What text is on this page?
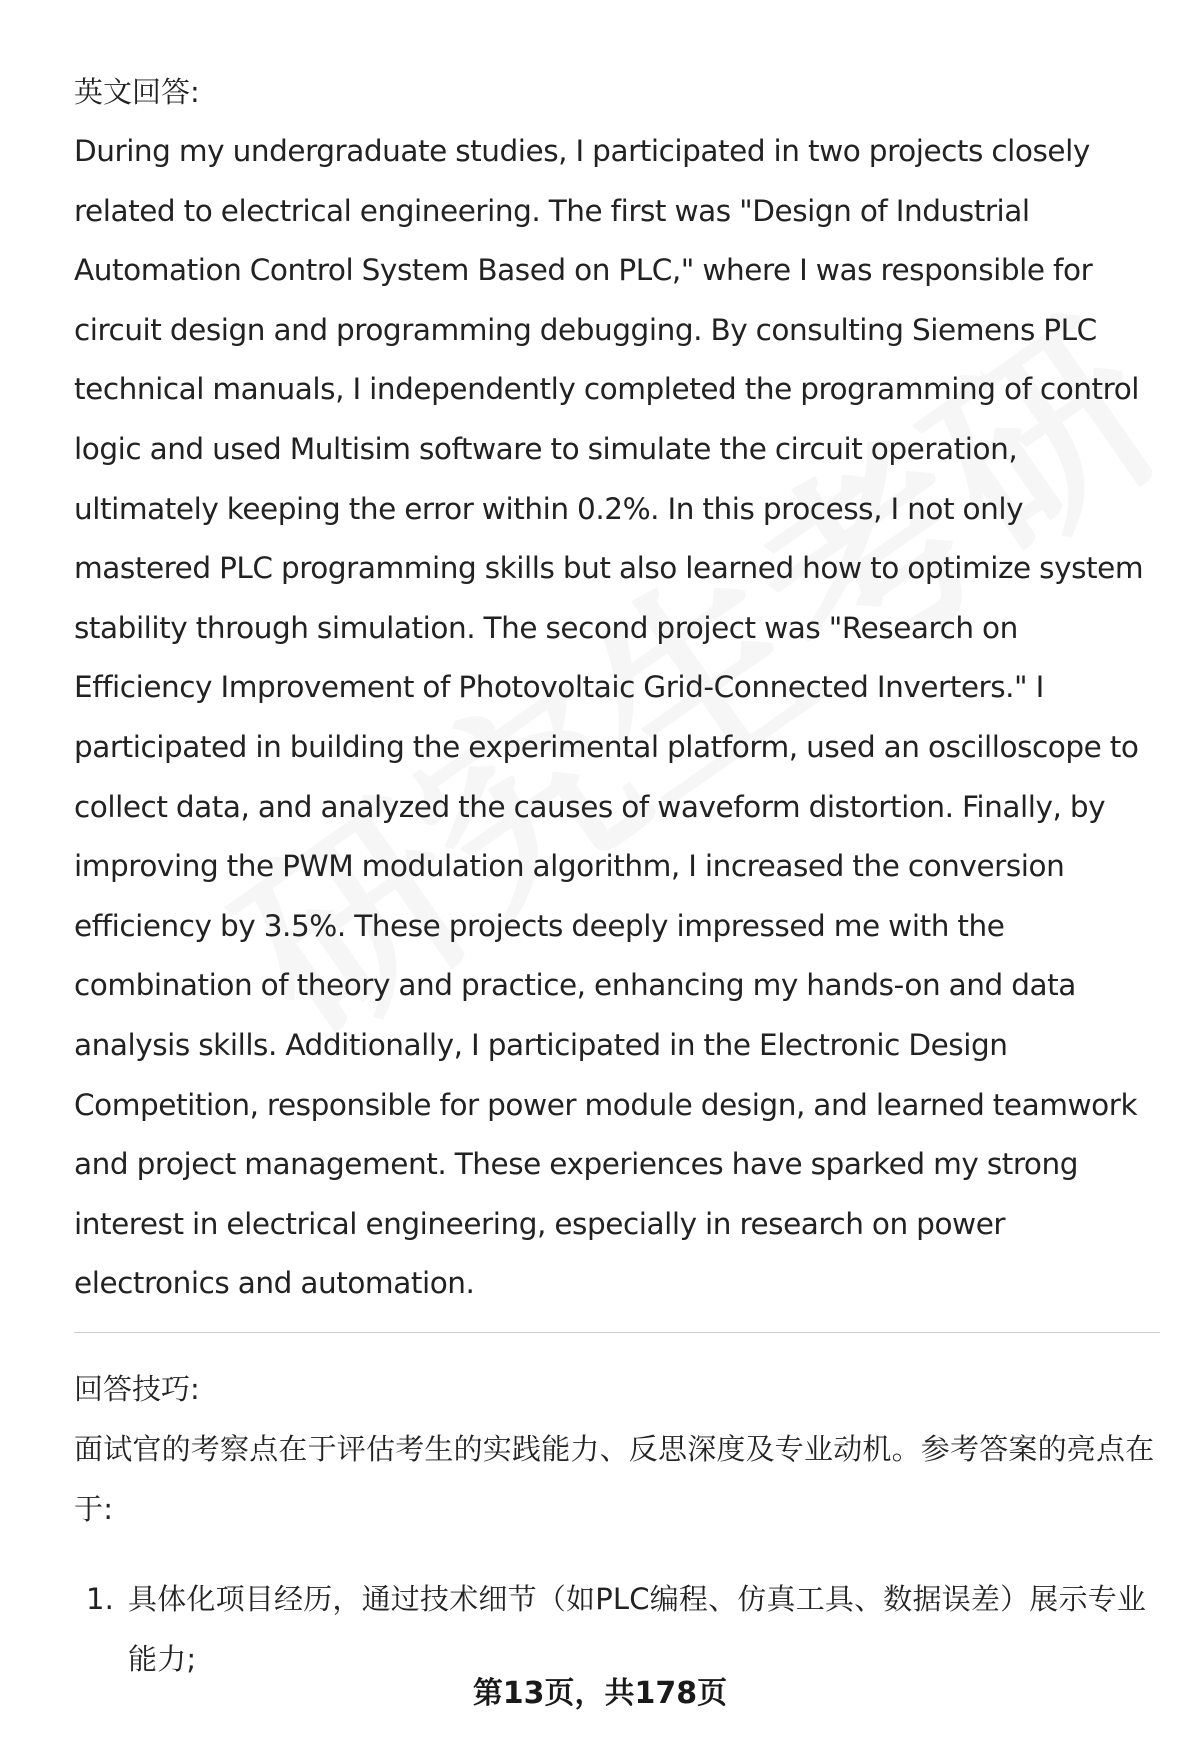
英文回答:

During my undergraduate studies, I participated in two projects closely related to electrical engineering. The first was "Design of Industrial Automation Control System Based on PLC," where I was responsible for circuit design and programming debugging. By consulting Siemens PLC technical manuals, I independently completed the programming of control logic and used Multisim software to simulate the circuit operation, ultimately keeping the error within 0.2%. In this process, I not only mastered PLC programming skills but also learned how to optimize system stability through simulation. The second project was "Research on Efficiency Improvement of Photovoltaic Grid-Connected Inverters." I participated in building the experimental platform, used an oscilloscope to collect data, and analyzed the causes of waveform distortion. Finally, by improving the PWM modulation algorithm, I increased the conversion efficiency by 3.5%. These projects deeply impressed me with the combination of theory and practice, enhancing my hands-on and data analysis skills. Additionally, I participated in the Electronic Design Competition, responsible for power module design, and learned teamwork and project management. These experiences have sparked my strong interest in electrical engineering, especially in research on power electronics and automation.

回答技巧:

面试官的考察点在于评估考生的实践能力、反思深度及专业动机。参考答案的亮点在于:

1. 具体化项目经历，通过技术细节（如PLC编程、仿真工具、数据误差）展示专业能力;
第13页，共178页
